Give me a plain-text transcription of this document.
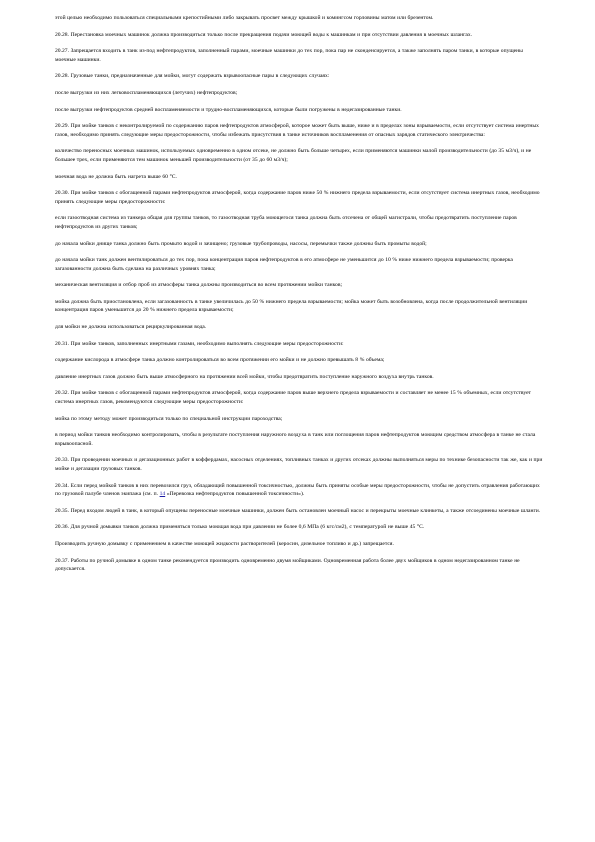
этой целью необходимо пользоваться специальными крепостийными либо закрывать просвет между крышкой и комингсом горловины матом или брезентом.

20.28. Перестановка моечных машинок должна производиться только после прекращения подачи моющей воды к машинкам и при отсутствии давления в моечных шлангах.

20.27. Запрещается входить в танк из-под нефтепродуктов, заполненный парами, моечные машинки до тех пор, пока пар не сконденсируется, а также заполнять паром танки, в которые опущены моечные машинки.

20.28. Грузовые танки, предназначенные для мойки, могут содержать взрывоопасные пары в следующих случаях:

после выгрузки из них легковоспламеняющихся (летучих) нефтепродуктов;

после выгрузки нефтепродуктов средней воспламеняемости и трудно-воспламеняющихся, которые были погружены в недегазированные танки.

20.29. При мойке танков с неконтролируемой по содержанию паров нефтепродуктов атмосферой, которое может быть выше, ниже и в пределах зоны взрываемости, если отсутствует система инертных газов, необходимо принять следующие меры предосторожности, чтобы избежать присутствия в танке источников воспламенения от опасных зарядов статического электричества:

количество переносных моечных машинок, используемых одновременно в одном отсеке, не должно быть больше четырех, если применяются машинки малой производительности (до 35 м3/ч), и не большее трех, если применяются тем машинок меньшей производительности (от 35 до 60 м3/ч);

моечная вода не должна быть нагрета выше 60 °C.

20.30. При мойке танков с обогащенной парами нефтепродуктов атмосферой, когда содержание паров ниже 50 % нижнего предела взрываемости, если отсутствует система инертных газов, необходимо принять следующие меры предосторожности:

если газоотводная система из танкера общая для группы танков, то газоотводная труба моющегося танка должна быть отсечена от общей магистрали, чтобы предотвратить поступление паров нефтепродуктов из других танков;

до начала мойки днище танка должно быть промыто водой и зачищено; грузовые трубопроводы, насосы, перемычки также должны быть промыты водой;

до начала мойки танк должен вентилироваться до тех пор, пока концентрация паров нефтепродуктов в его атмосфере не уменьшится до 10 % ниже нижнего предела взрываемости; проверка загазованности должна быть сделана на различных уровнях танка;

механическая вентиляция и отбор проб из атмосферы танка должны производиться во всем протяжении мойки танков;

мойка должна быть приостановлена, если загазованность в танке увеличилась до 50 % нижнего предела взрываемости; мойка может быть возобновлена, когда после продолжительной вентиляции концентрация паров уменьшится до 20 % нижнего предела взрываемости;

для мойки не должна использоваться рециркулированная вода.

20.31. При мойке танков, заполненных инертными газами, необходимо выполнять следующие меры предосторожности:

содержание кислорода в атмосфере танка должно контролироваться во всем протяжении его мойки и не должно превышать 8 % объема;

давление инертных газов должно быть выше атмосферного на протяжении всей мойки, чтобы предотвратить поступление наружного воздуха внутрь танков.

20.32. При мойке танков с обогащенной парами нефтепродуктов атмосферой, когда содержание паров выше верхнего предела взрываемости и составляет не менее 15 % объемных, если отсутствует система инертных газов, рекомендуются следующие меры предосторожности:

мойка по этому методу может производиться только по специальной инструкции пароходства;

в период мойки танков необходимо контролировать, чтобы в результате поступления наружного воздуха в танк или поглощения паров нефтепродуктов моющим средством атмосфера в танке не стала взрывоопасной.

20.33. При проведении моечных и дегазационных работ в коффердамах, насосных отделениях, топливных танках и других отсеках должны выполняться меры по технике безопасности так же, как и при мойке и дегазации грузовых танков.

20.34. Если перед мойкой танков в них перевозился груз, обладающий повышенной токсичностью, должны быть приняты особые меры предосторожности, чтобы не допустить отравления работающих по грузовой палубе членов экипажа (см. п. 14 «Перевозка нефтепродуктов повышенной токсичности»).

20.35. Перед входом людей в танк, в который опущены переносные моечные машинки, должен быть остановлен моечный насос и перекрыты моечные клинкеты, а также отсоединены моечные шланги.

20.36. Для ручной домывки танков должна применяться только моющая вода при давлении не более 0,6 МПа (6 кгс/см2), с температурой не выше 45 °C.

Производить ручную домывку с применением в качестве моющей жидкости растворителей (керосин, дизельное топливо и др.) запрещается.

20.37. Работы по ручной домывке в одном танке рекомендуется производить одновременно двумя мойщиками. Одновременная работа более двух мойщиков в одном недегазированном танке не допускается.
